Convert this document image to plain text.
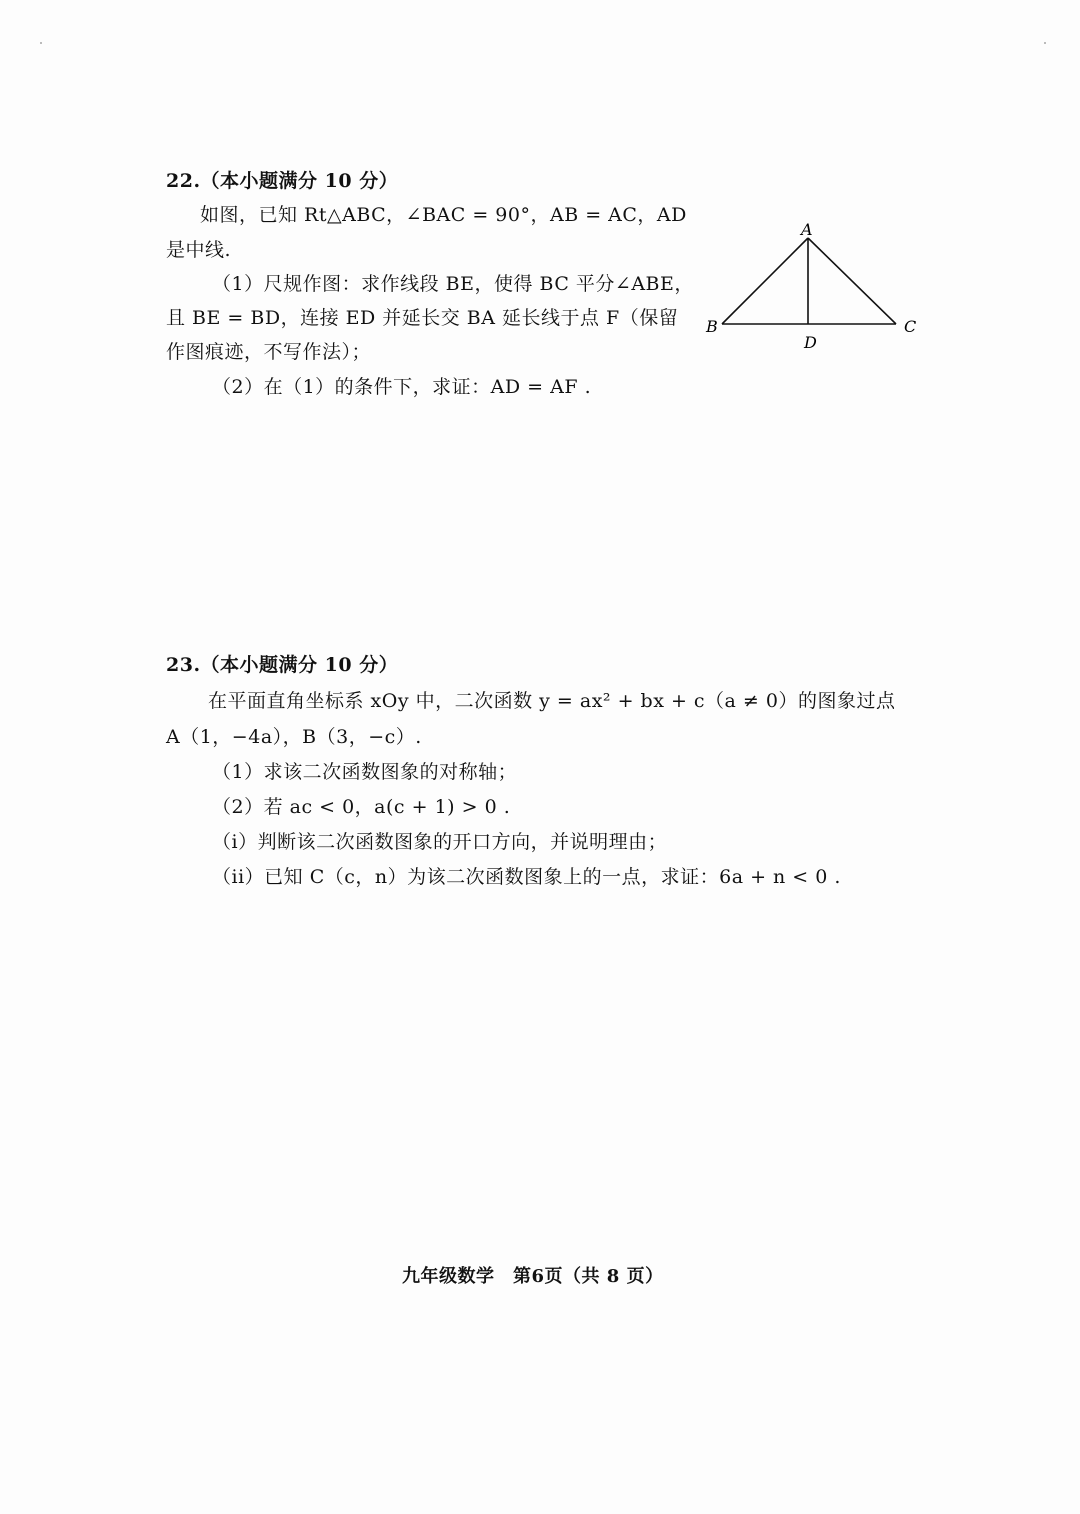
22.（本小题满分 10 分）
如图，已知 Rt△ABC，∠BAC = 90°，AB = AC，AD
是中线.
（1）尺规作图：求作线段 BE，使得 BC 平分∠ABE，
且 BE = BD，连接 ED 并延长交 BA 延长线于点 F（保留
作图痕迹，不写作法）；
（2）在（1）的条件下，求证：AD = AF .
A
B	C
D
23.（本小题满分 10 分）
在平面直角坐标系 xOy 中，二次函数 y = ax² + bx + c（a ≠ 0）的图象过点
A（1，−4a），B（3，−c）.
（1）求该二次函数图象的对称轴；
（2）若 ac < 0，a(c + 1) > 0 .
（i）判断该二次函数图象的开口方向，并说明理由；
（ii）已知 C（c，n）为该二次函数图象上的一点，求证：6a + n < 0 .
九年级数学　第6页（共 8 页）
